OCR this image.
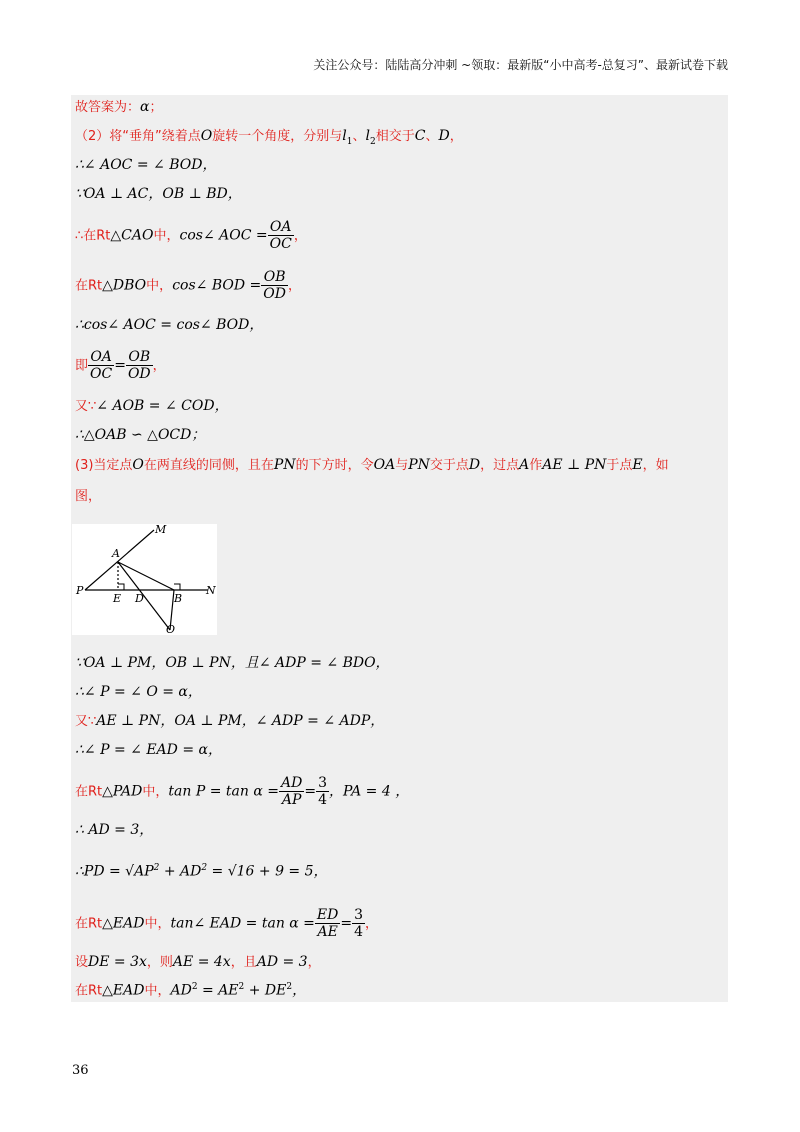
关注公众号：陆陆高分冲刺 ~领取：最新版“小中高考-总复习”、最新试卷下载
故答案为：α；
（2）将“垂角”绕着点O旋转一个角度，分别与$l_1$、$l_2$相交于C、D，
∴∠ AOC = ∠ BOD，
∵OA ⊥ AC，OB ⊥ BD，
∴在Rt△CAO中，cos∠ AOC = $\frac{OA}{OC}$ ，
在Rt△DBO中，cos∠ BOD = $\frac{OB}{OD}$ ，
∴cos∠ AOC = cos∠ BOD，
即 $\frac{OA}{OC} = \frac{OB}{OD}$ ，
又∵∠ AOB = ∠ COD，
∴△OAB ∽ △OCD；
(3)当定点O在两直线的同侧，且在PN的下方时，令OA与PN交于点D，过点A作AE ⊥ PN于点E，如
图，
M
A
P
E D	B
N
O
∵OA ⊥ PM，OB ⊥ PN，且∠ ADP = ∠ BDO，
∴∠ P = ∠ O = α，
又∵AE ⊥ PN，OA ⊥ PM，∠ ADP = ∠ ADP，
∴∠ P = ∠ EAD = α，
在Rt△PAD中，$\tan P = \tan \alpha = \frac{AD}{AP} = \frac{3}{4}$ ，PA = 4 ，
∴ AD = 3，
∴PD = $√AP^2 + AD^2 = √16 + 9 = 5$，
在Rt△EAD中，tan∠ EAD = $\tan \alpha = \frac{ED}{AE} = \frac{3}{4}$ ，
设DE = 3x，则AE = 4x，且AD = 3，
在Rt△EAD中，$AD^2 = AE^2 + DE^2$，
36
